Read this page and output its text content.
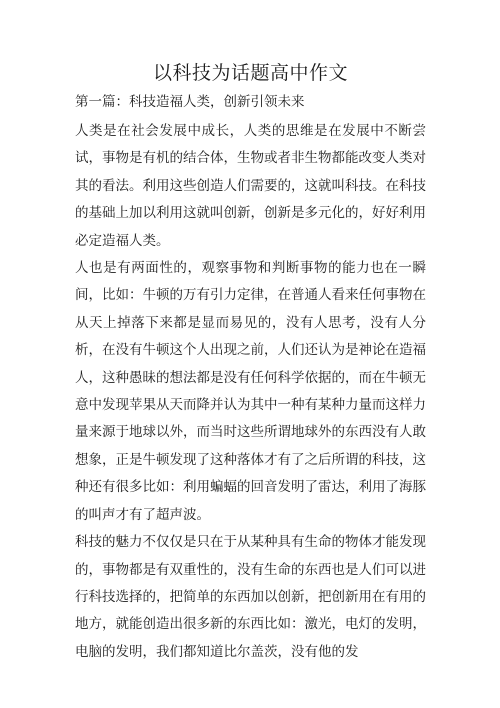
以科技为话题高中作文
第一篇：科技造福人类，创新引领未来

人类是在社会发展中成长，人类的思维是在发展中不断尝试，事物是有机的结合体，生物或者非生物都能改变人类对其的看法。利用这些创造人们需要的，这就叫科技。在科技的基础上加以利用这就叫创新，创新是多元化的，好好利用必定造福人类。

人也是有两面性的，观察事物和判断事物的能力也在一瞬间，比如：牛顿的万有引力定律，在普通人看来任何事物在从天上掉落下来都是显而易见的，没有人思考，没有人分析，在没有牛顿这个人出现之前，人们还认为是神论在造福人，这种愚昧的想法都是没有任何科学依据的，而在牛顿无意中发现苹果从天而降并认为其中一种有某种力量而这样力量来源于地球以外，而当时这些所谓地球外的东西没有人敢想象，正是牛顿发现了这种落体才有了之后所谓的科技，这种还有很多比如：利用蝙蝠的回音发明了雷达，利用了海豚的叫声才有了超声波。

科技的魅力不仅仅是只在于从某种具有生命的物体才能发现的，事物都是有双重性的，没有生命的东西也是人们可以进行科技选择的，把简单的东西加以创新，把创新用在有用的地方，就能创造出很多新的东西比如：激光，电灯的发明，电脑的发明，我们都知道比尔盖茨，没有他的发
